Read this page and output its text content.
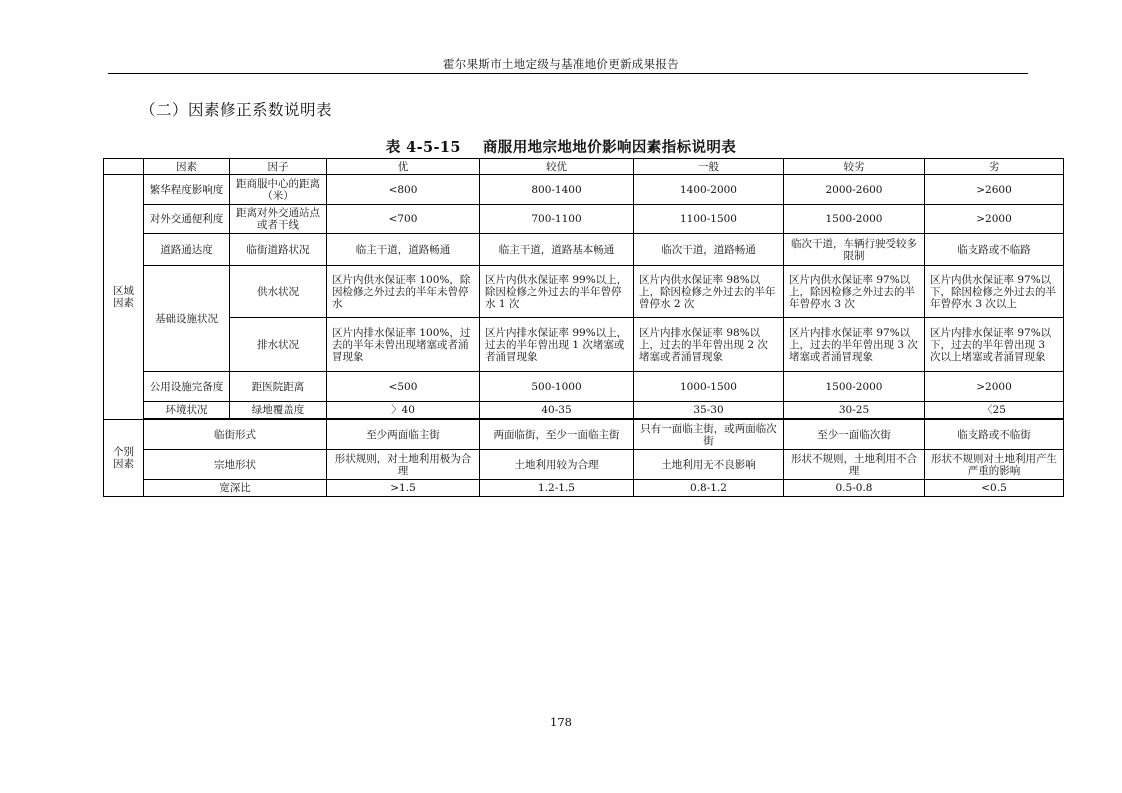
霍尔果斯市土地定级与基准地价更新成果报告
（二）因素修正系数说明表
表 4-5-15 商服用地宗地地价影响因素指标说明表
	因素	因子	优	较优	一般	较劣	劣
区域因素	繁华程度影响度	距商服中心的距离（米）	<800	800-1400	1400-2000	2000-2600	>2600
	对外交通便利度	距离对外交通站点或者干线	<700	700-1100	1100-1500	1500-2000	>2000
	道路通达度	临街道路状况	临主干道，道路畅通	临主干道，道路基本畅通	临次干道，道路畅通	临次干道，车辆行驶受较多限制	临支路或不临路
	基础设施状况	供水状况	区片内供水保证率 100%，除因检修之外过去的半年未曾停水	区片内供水保证率 99%以上，除因检修之外过去的半年曾停水 1 次	区片内供水保证率 98%以上，除因检修之外过去的半年曾停水 2 次	区片内供水保证率 97%以上，除因检修之外过去的半年曾停水 3 次	区片内供水保证率 97%以下，除因检修之外过去的半年曾停水 3 次以上
		排水状况	区片内排水保证率 100%，过去的半年未曾出现堵塞或者涌冒现象	区片内排水保证率 99%以上，过去的半年曾出现 1 次堵塞或者涌冒现象	区片内排水保证率 98%以上，过去的半年曾出现 2 次堵塞或者涌冒现象	区片内排水保证率 97%以上，过去的半年曾出现 3 次堵塞或者涌冒现象	区片内排水保证率 97%以下，过去的半年曾出现 3 次以上堵塞或者涌冒现象
	公用设施完备度	距医院距离	<500	500-1000	1000-1500	1500-2000	>2000
	环境状况	绿地覆盖度	〉40	40-35	35-30	30-25	〈25

个别因素	临街形式		至少两面临主街	两面临街，至少一面临主街	只有一面临主街，或两面临次街	至少一面临次街	临支路或不临街
	宗地形状		形状规则，对土地利用极为合理	土地利用较为合理	土地利用无不良影响	形状不规则，土地利用不合理	形状不规则对土地利用产生严重的影响
	宽深比		>1.5	1.2-1.5	0.8-1.2	0.5-0.8	<0.5
178
